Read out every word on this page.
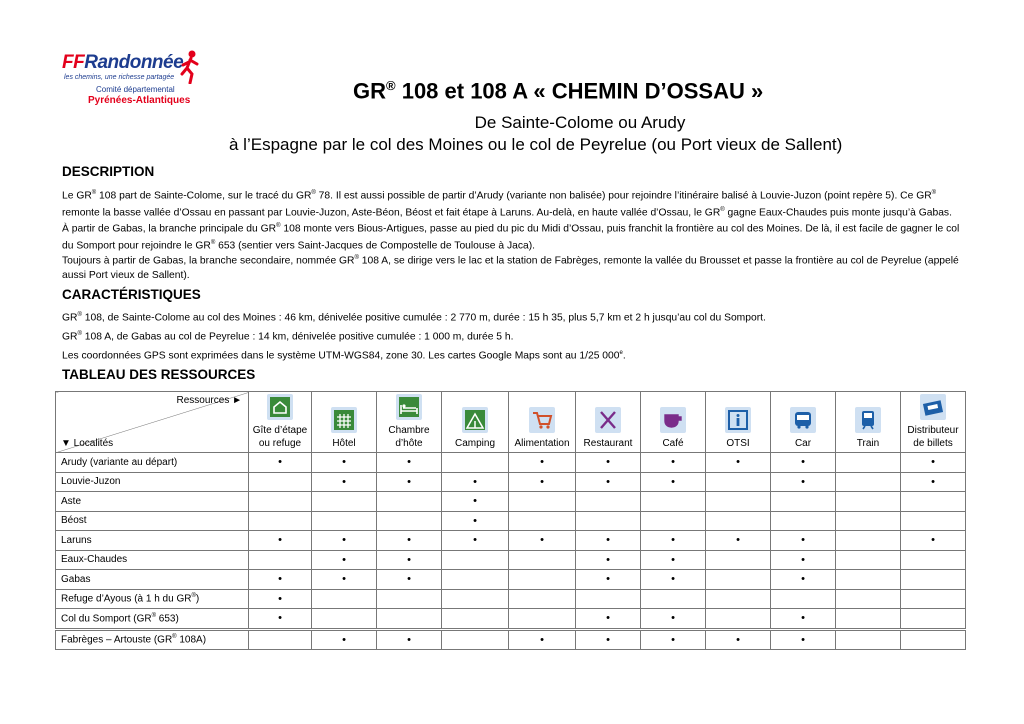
FFRandonnée
les chemins, une richesse partagée
Comité départemental
Pyrénées-Atlantiques	GR® 108 et 108 A « CHEMIN D’OSSAU »
De Sainte-Colome ou Arudy
à l’Espagne par le col des Moines ou le col de Peyrelue (ou Port vieux de Sallent)
DESCRIPTION
Le GR® 108 part de Sainte-Colome, sur le tracé du GR® 78. Il est aussi possible de partir d’Arudy (variante non balisée) pour rejoindre l’itinéraire balisé à Louvie-Juzon (point repère 5). Ce GR® remonte la basse vallée d’Ossau en passant par Louvie-Juzon, Aste-Béon, Béost et fait étape à Laruns. Au-delà, en haute vallée d’Ossau, le GR® gagne Eaux-Chaudes puis monte jusqu’à Gabas.
À partir de Gabas, la branche principale du GR® 108 monte vers Bious-Artigues, passe au pied du pic du Midi d’Ossau, puis franchit la frontière au col des Moines. De là, il est facile de gagner le col du Somport pour rejoindre le GR® 653 (sentier vers Saint-Jacques de Compostelle de Toulouse à Jaca).
Toujours à partir de Gabas, la branche secondaire, nommée GR® 108 A, se dirige vers le lac et la station de Fabrèges, remonte la vallée du Brousset et passe la frontière au col de Peyrelue (appelé aussi Port vieux de Sallent).
CARACTÉRISTIQUES
GR® 108, de Sainte-Colome au col des Moines : 46 km, dénivelée positive cumulée : 2 770 m, durée : 15 h 35, plus 5,7 km et 2 h jusqu’au col du Somport.
GR® 108 A, de Gabas au col de Peyrelue : 14 km, dénivelée positive cumulée : 1 000 m, durée 5 h.
Les coordonnées GPS sont exprimées dans le système UTM-WGS84, zone 30. Les cartes Google Maps sont au 1/25 000e.
TABLEAU DES RESSOURCES
Ressources ►
▼ Localités	Gîte d’étape ou refuge	Hôtel	Chambre d’hôte	Camping	Alimentation	Restaurant	Café	OTSI	Car	Train	Distributeur de billets
Arudy (variante au départ)	•	•	•		•	•	•	•	•		•
Louvie-Juzon		•	•	•	•	•	•		•		•
Aste				•							
Béost				•							
Laruns	•	•	•	•	•	•	•	•	•		•
Eaux-Chaudes		•	•			•	•		•		
Gabas	•	•	•			•	•		•		
Refuge d’Ayous (à 1 h du GR®)	•										
Col du Somport (GR® 653)	•					•	•		•		
Fabrèges – Artouste (GR® 108A)		•	•		•	•	•	•	•		
